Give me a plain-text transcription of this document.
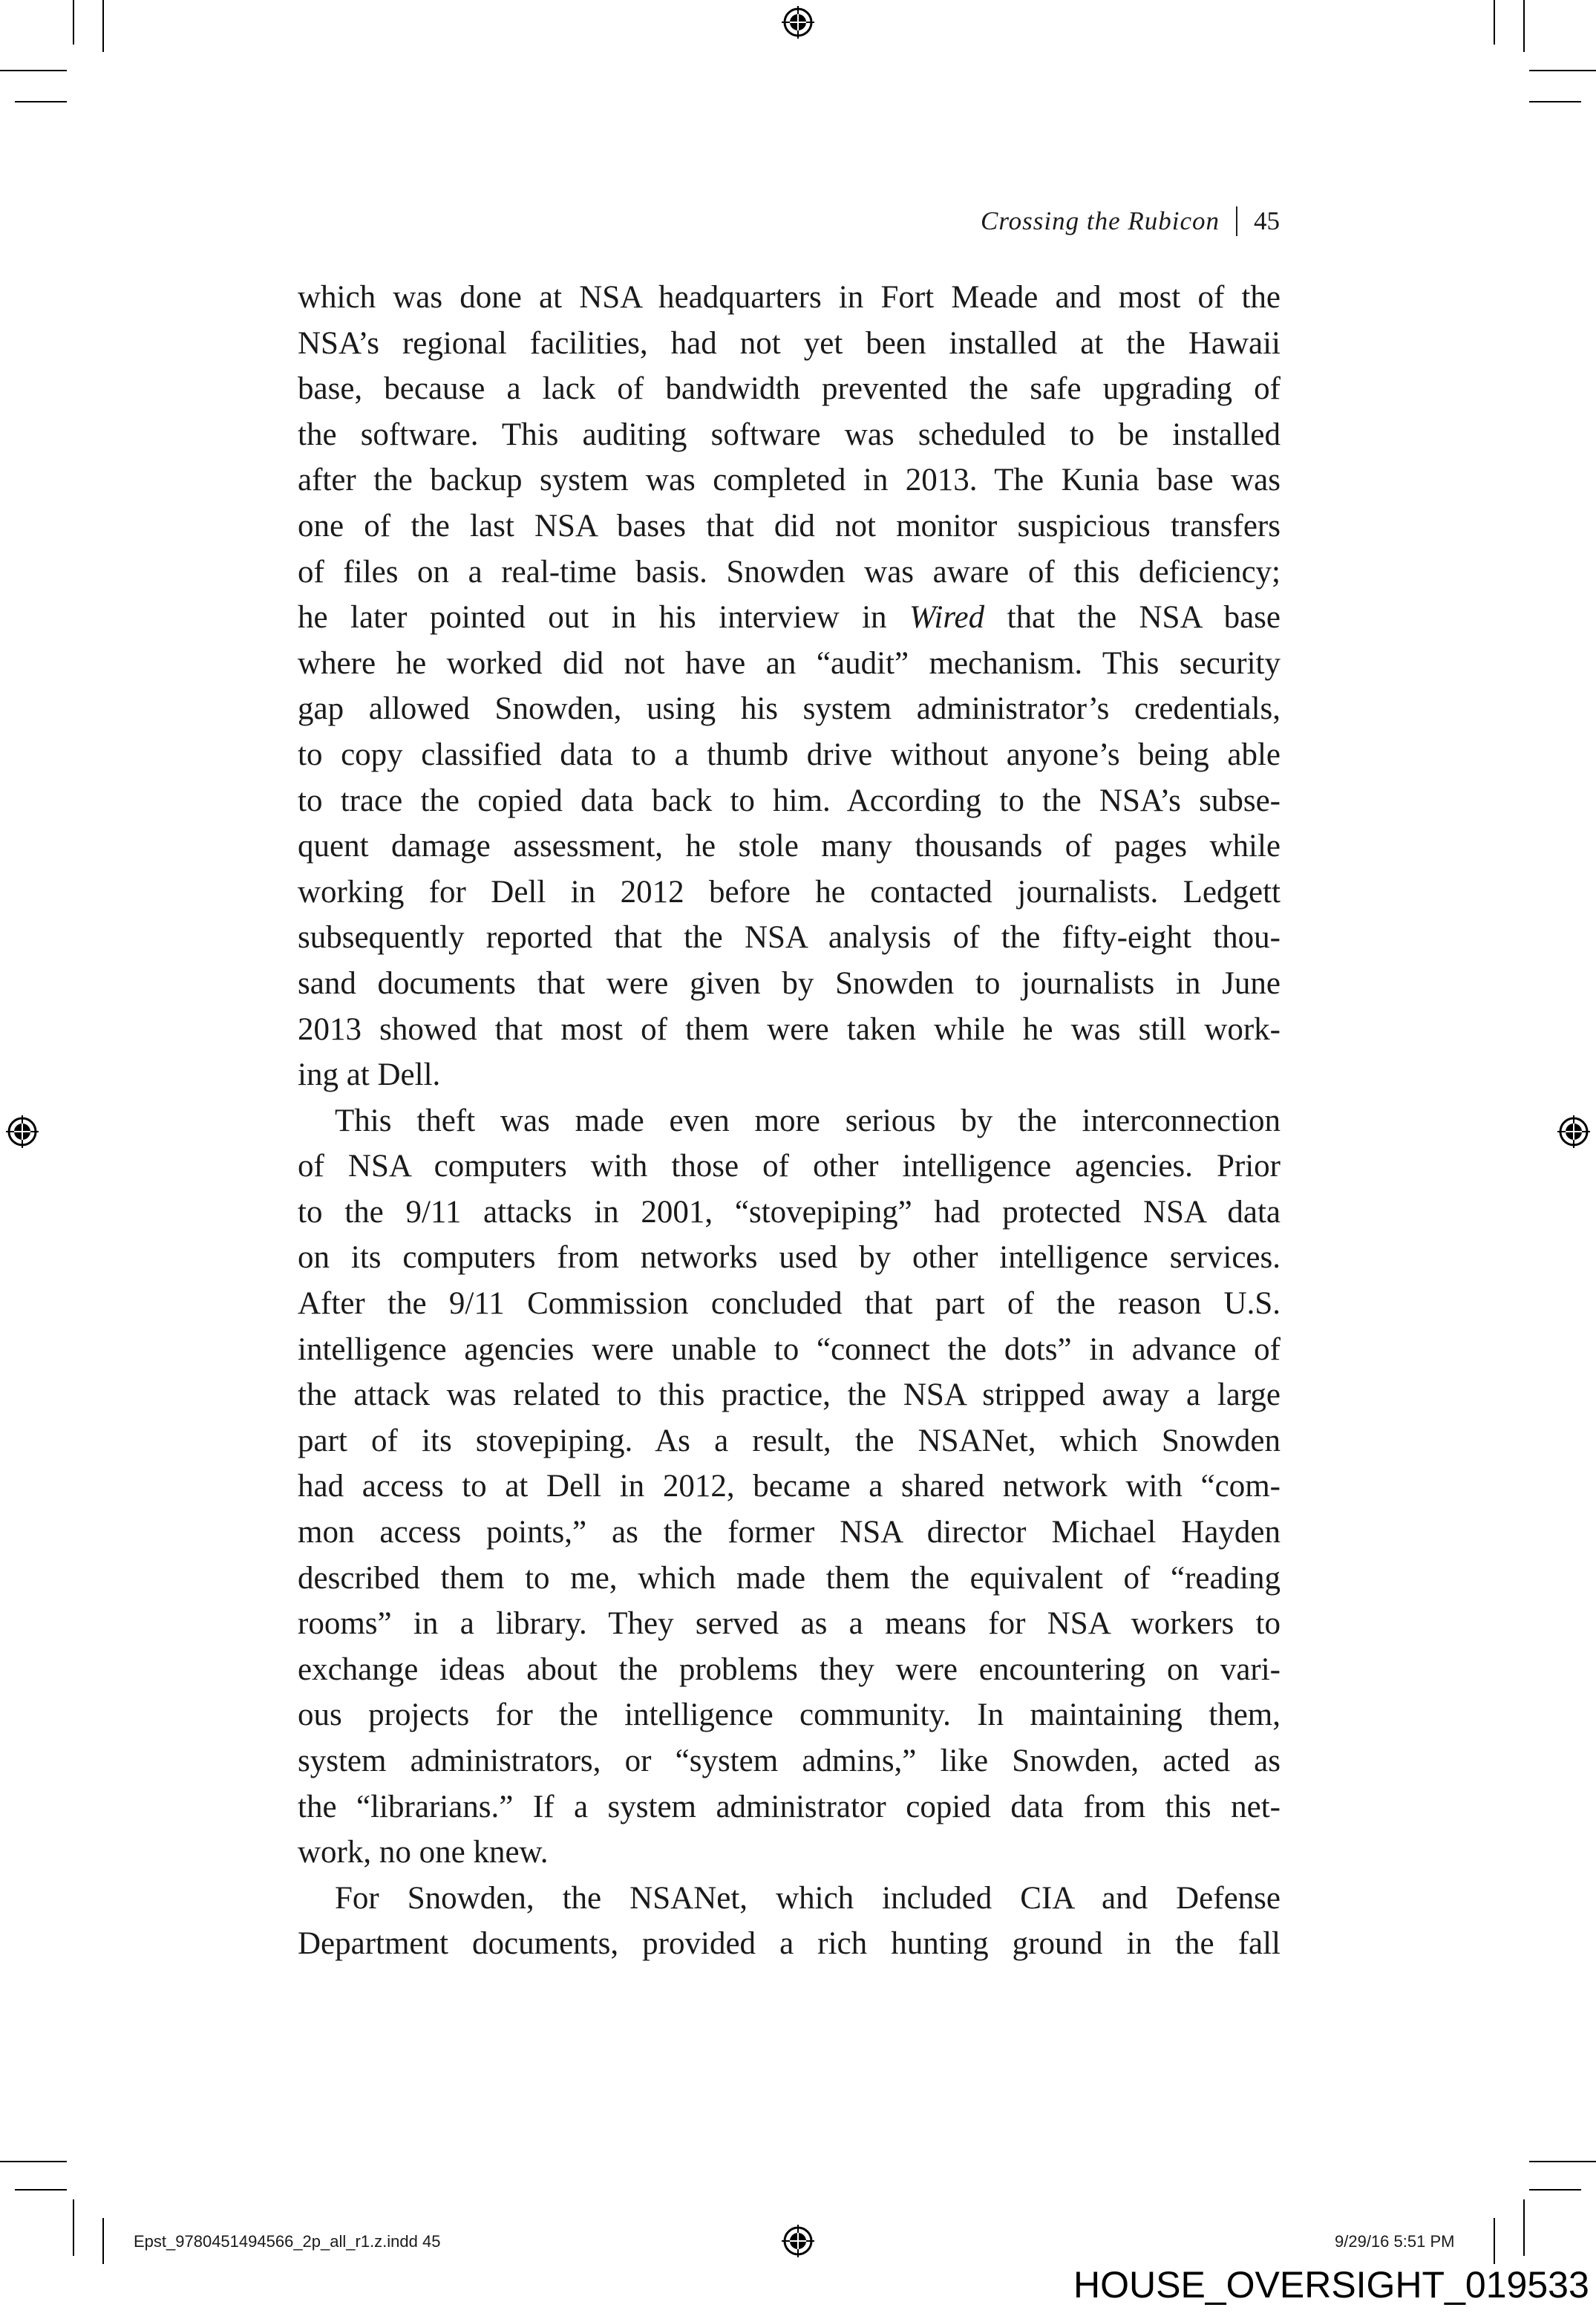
Crossing the Rubicon 45
which was done at NSA headquarters in Fort Meade and most of the
NSA’s regional facilities, had not yet been installed at the Hawaii
base, because a lack of bandwidth prevented the safe upgrading of
the software. This auditing software was scheduled to be installed
after the backup system was completed in 2013. The Kunia base was
one of the last NSA bases that did not monitor suspicious transfers
of files on a real-time basis. Snowden was aware of this deficiency;
he later pointed out in his interview in Wired that the NSA base
where he worked did not have an “audit” mechanism. This security
gap allowed Snowden, using his system administrator’s credentials,
to copy classified data to a thumb drive without anyone’s being able
to trace the copied data back to him. According to the NSA’s subse-
quent damage assessment, he stole many thousands of pages while
working for Dell in 2012 before he contacted journalists. Ledgett
subsequently reported that the NSA analysis of the fifty-eight thou-
sand documents that were given by Snowden to journalists in June
2013 showed that most of them were taken while he was still work-
ing at Dell.
This theft was made even more serious by the interconnection
of NSA computers with those of other intelligence agencies. Prior
to the 9/11 attacks in 2001, “stovepiping” had protected NSA data
on its computers from networks used by other intelligence services.
After the 9/11 Commission concluded that part of the reason U.S.
intelligence agencies were unable to “connect the dots” in advance of
the attack was related to this practice, the NSA stripped away a large
part of its stovepiping. As a result, the NSANet, which Snowden
had access to at Dell in 2012, became a shared network with “com-
mon access points,” as the former NSA director Michael Hayden
described them to me, which made them the equivalent of “reading
rooms” in a library. They served as a means for NSA workers to
exchange ideas about the problems they were encountering on vari-
ous projects for the intelligence community. In maintaining them,
system administrators, or “system admins,” like Snowden, acted as
the “librarians.” If a system administrator copied data from this net-
work, no one knew.
For Snowden, the NSANet, which included CIA and Defense
Department documents, provided a rich hunting ground in the fall
Epst_9780451494566_2p_all_r1.z.indd 45	9/29/16 5:51 PM
HOUSE_OVERSIGHT_019533
